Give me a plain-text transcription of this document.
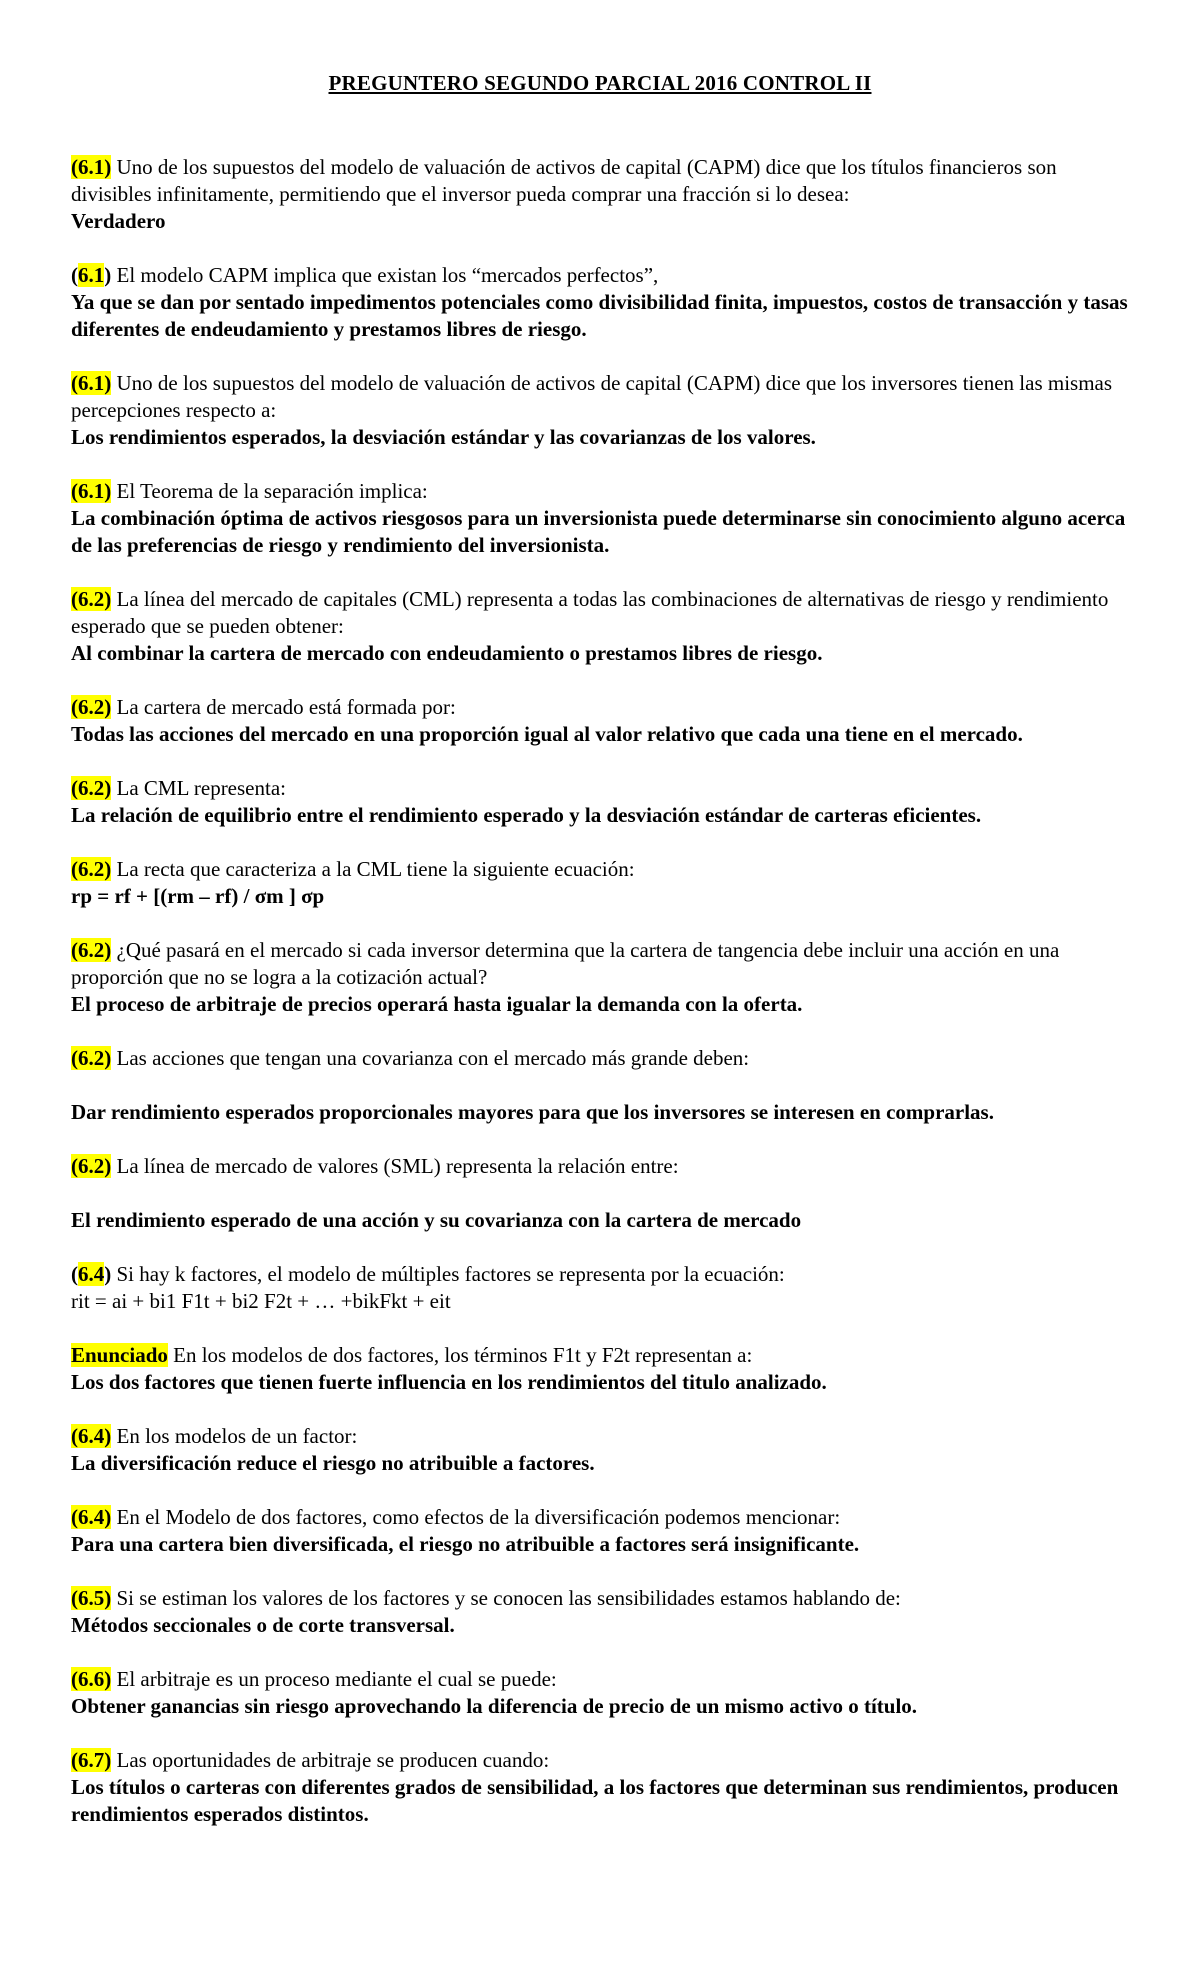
PREGUNTERO SEGUNDO PARCIAL 2016 CONTROL II
(6.1) Uno de los supuestos del modelo de valuación de activos de capital (CAPM) dice que los títulos financieros son divisibles infinitamente, permitiendo que el inversor pueda comprar una fracción si lo desea:
Verdadero
(6.1) El modelo CAPM implica que existan los “mercados perfectos”,
Ya que se dan por sentado impedimentos potenciales como divisibilidad finita, impuestos, costos de transacción y tasas diferentes de endeudamiento y prestamos libres de riesgo.
(6.1) Uno de los supuestos del modelo de valuación de activos de capital (CAPM) dice que los inversores tienen las mismas percepciones respecto a:
Los rendimientos esperados, la desviación estándar y las covarianzas de los valores.
(6.1) El Teorema de la separación implica:
La combinación óptima de activos riesgosos para un inversionista puede determinarse sin conocimiento alguno acerca de las preferencias de riesgo y rendimiento del inversionista.
(6.2) La línea del mercado de capitales (CML) representa a todas las combinaciones de alternativas de riesgo y rendimiento esperado que se pueden obtener:
Al combinar la cartera de mercado con endeudamiento o prestamos libres de riesgo.
(6.2) La cartera de mercado está formada por:
Todas las acciones del mercado en una proporción igual al valor relativo que cada una tiene en el mercado.
(6.2) La CML representa:
La relación de equilibrio entre el rendimiento esperado y la desviación estándar de carteras eficientes.
(6.2) La recta que caracteriza a la CML tiene la siguiente ecuación:
rp = rf + [(rm – rf) / σm ] σp
(6.2) ¿Qué pasará en el mercado si cada inversor determina que la cartera de tangencia debe incluir una acción en una proporción que no se logra a la cotización actual?
El proceso de arbitraje de precios operará hasta igualar la demanda con la oferta.
(6.2) Las acciones que tengan una covarianza con el mercado más grande deben:
Dar rendimiento esperados proporcionales mayores para que los inversores se interesen en comprarlas.
(6.2) La línea de mercado de valores (SML) representa la relación entre:
El rendimiento esperado de una acción y su covarianza con la cartera de mercado
(6.4) Si hay k factores, el modelo de múltiples factores se representa por la ecuación:
rit = ai + bi1 F1t + bi2 F2t + … +bikFkt + eit
Enunciado En los modelos de dos factores, los términos F1t y F2t representan a:
Los dos factores que tienen fuerte influencia en los rendimientos del titulo analizado.
(6.4) En los modelos de un factor:
La diversificación reduce el riesgo no atribuible a factores.
(6.4) En el Modelo de dos factores, como efectos de la diversificación podemos mencionar:
Para una cartera bien diversificada, el riesgo no atribuible a factores será insignificante.
(6.5) Si se estiman los valores de los factores y se conocen las sensibilidades estamos hablando de:
Métodos seccionales o de corte transversal.
(6.6) El arbitraje es un proceso mediante el cual se puede:
Obtener ganancias sin riesgo aprovechando la diferencia de precio de un mismo activo o título.
(6.7) Las oportunidades de arbitraje se producen cuando:
Los títulos o carteras con diferentes grados de sensibilidad, a los factores que determinan sus rendimientos, producen rendimientos esperados distintos.
